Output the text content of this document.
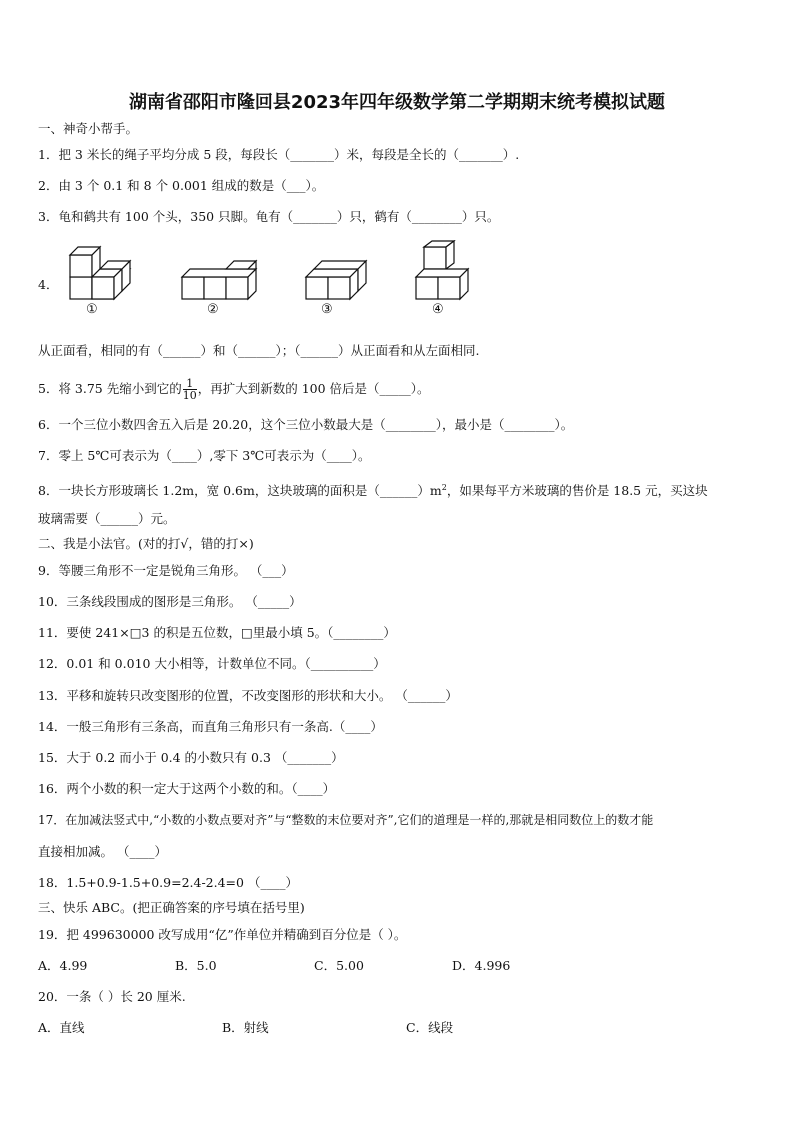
湖南省邵阳市隆回县2023年四年级数学第二学期期末统考模拟试题
一、神奇小帮手。
1．把 3 米长的绳子平均分成 5 段，每段长（_______）米，每段是全长的（_______）.
2．由 3 个 0.1 和 8 个 0.001 组成的数是（___）。
3．龟和鹤共有 100 个头，350 只脚。龟有（_______）只，鹤有（________）只。
4．
①	②	③	④
从正面看，相同的有（______）和（______）；（______）从正面看和从左面相同.
5．将 3.75 先缩小到它的 $\frac{1}{10}$ ，再扩大到新数的 100 倍后是（_____）。
6．一个三位小数四舍五入后是 20.20，这个三位小数最大是（________），最小是（________）。
7．零上 5℃可表示为（____）,零下 3℃可表示为（____）。
8．一块长方形玻璃长 1.2m，宽 0.6m，这块玻璃的面积是$(\_\_\_\_\_\_)m^2$，如果每平方米玻璃的售价是 18.5 元，买这块
玻璃需要（______）元。
二、我是小法官。(对的打√，错的打×)
9．等腰三角形不一定是锐角三角形。 （___）
10．三条线段围成的图形是三角形。 （_____）
11．要使 241×□3 的积是五位数，□里最小填 5。（________）
12．0.01 和 0.010 大小相等，计数单位不同。（__________）
13．平移和旋转只改变图形的位置，不改变图形的形状和大小。 （______）
14．一般三角形有三条高，而直角三角形只有一条高.（____）
15．大于 0.2 而小于 0.4 的小数只有 0.3 （_______）
16．两个小数的积一定大于这两个小数的和。（____）
17．在加减法竖式中,“小数的小数点要对齐”与“整数的末位要对齐”,它们的道理是一样的,那就是相同数位上的数才能
直接相加减。 （____）
18．1.5+0.9-1.5+0.9=2.4-2.4=0 （____）
三、快乐 ABC。(把正确答案的序号填在括号里)
19．把 499630000 改写成用“亿”作单位并精确到百分位是（ ）。
A．4.99	B．5.0	C．5.00	D．4.996
20．一条（ ）长 20 厘米.
A．直线	B．射线	C．线段
